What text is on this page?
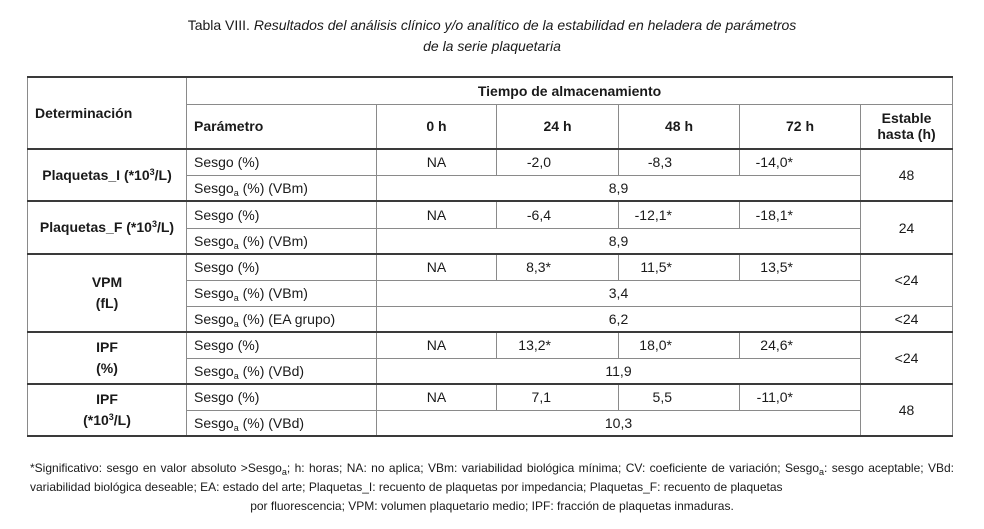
Tabla VIII. Resultados del análisis clínico y/o analítico de la estabilidad en heladera de parámetros
de la serie plaquetaria
Determinación	Tiempo de almacenamiento					
	Parámetro	0 h	24 h	48 h	72 h	Estable
hasta (h)
Plaquetas_I $(*10^3/L)$	Sesgo (%)	NA	-2,0	-8,3	-14,0*	48
	Sesgo$_a$ (%) (VBm)	8,9				
Plaquetas_F $(*10^3/L)$	Sesgo (%)	NA	-6,4	-12,1*	-18,1*	24
	Sesgo$_a$ (%) (VBm)	8,9				
VPM
(fL)	Sesgo (%)	NA	8,3*	11,5*	13,5*	<24
	Sesgo$_a$ (%) (VBm)	3,4				
	Sesgo$_a$ (%) (EA grupo)	6,2				<24
IPF
(%)	Sesgo (%)	NA	13,2*	18,0*	24,6*	<24
	Sesgo$_a$ (%) (VBd)	11,9				
IPF
$(*10^3/L)$	Sesgo (%)	NA	7,1	5,5	-11,0*	48
	Sesgo$_a$ (%) (VBd)	10,3				
*Significativo: sesgo en valor absoluto >Sesgo$_a$; h: horas; NA: no aplica; VBm: variabilidad biológica mínima; CV: coeficiente de variación; Sesgo$_a$: sesgo aceptable; VBd: variabilidad biológica deseable; EA: estado del arte; Plaquetas_I: recuento de plaquetas por impedancia; Plaquetas_F: recuento de plaquetas
por fluorescencia; VPM: volumen plaquetario medio; IPF: fracción de plaquetas inmaduras.
